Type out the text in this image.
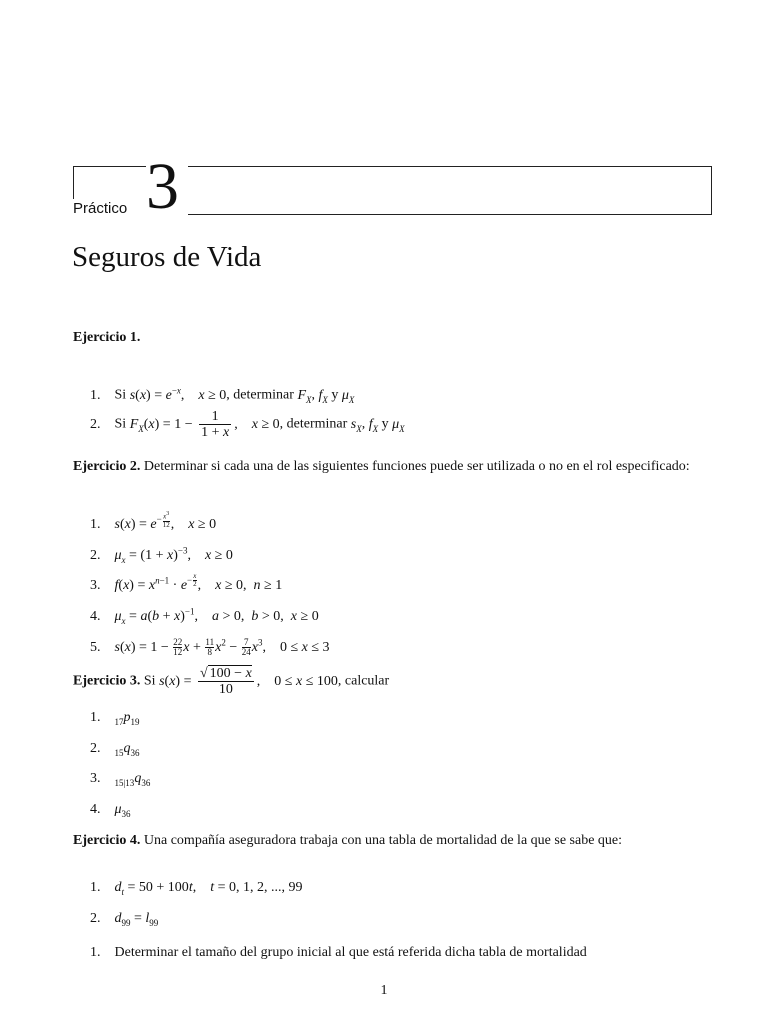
Práctico 3
Seguros de Vida
Ejercicio 1.
1. Si $s(x) = e^{-x}$,    x ≥ 0, determinar $F_X$, $f_X$ y $\mu_X$
2. Si $F_X(x) = 1 - \frac{1}{1 + x}$ ,    x ≥ 0, determinar $s_X$, $f_X$ y $\mu_X$
Ejercicio 2. Determinar si cada una de las siguientes funciones puede ser utilizada o no en el rol especificado:
1. $s(x) = e^{- \frac{x^3}{12}}$ ,    x ≥ 0
2. $\mu_x = (1 + x)^{-3}$,    x ≥ 0
3. $f(x) = x^{n-1} \cdot e^{- \frac{x}{2}}$ ,    x ≥ 0,  n ≥ 1
4. $\mu_x = a(b + x)^{-1}$,    a > 0,  b > 0,  x ≥ 0
5. $s(x) = 1 - \frac{22}{12}$ $x + \frac{11}{8} x^2 - \frac{7}{24} x^3$,    0 ≤ x ≤ 3
Ejercicio 3. Si $s(x) = \frac{√ 100 - x}{10}$ ,    0 ≤ x ≤ 100, calcular
1. $_{17}p_{19}$
2. $_{15}q_{36}$
3. $_{15|13}q_{36}$
4. $\mu_{36}$
Ejercicio 4. Una compañía aseguradora trabaja con una tabla de mortalidad de la que se sabe que:
1. $d_t = 50 + 100t$,    t = 0, 1, 2, ..., 99
2. $d_{99} = l_{99}$
1. Determinar el tamaño del grupo inicial al que está referida dicha tabla de mortalidad
1
